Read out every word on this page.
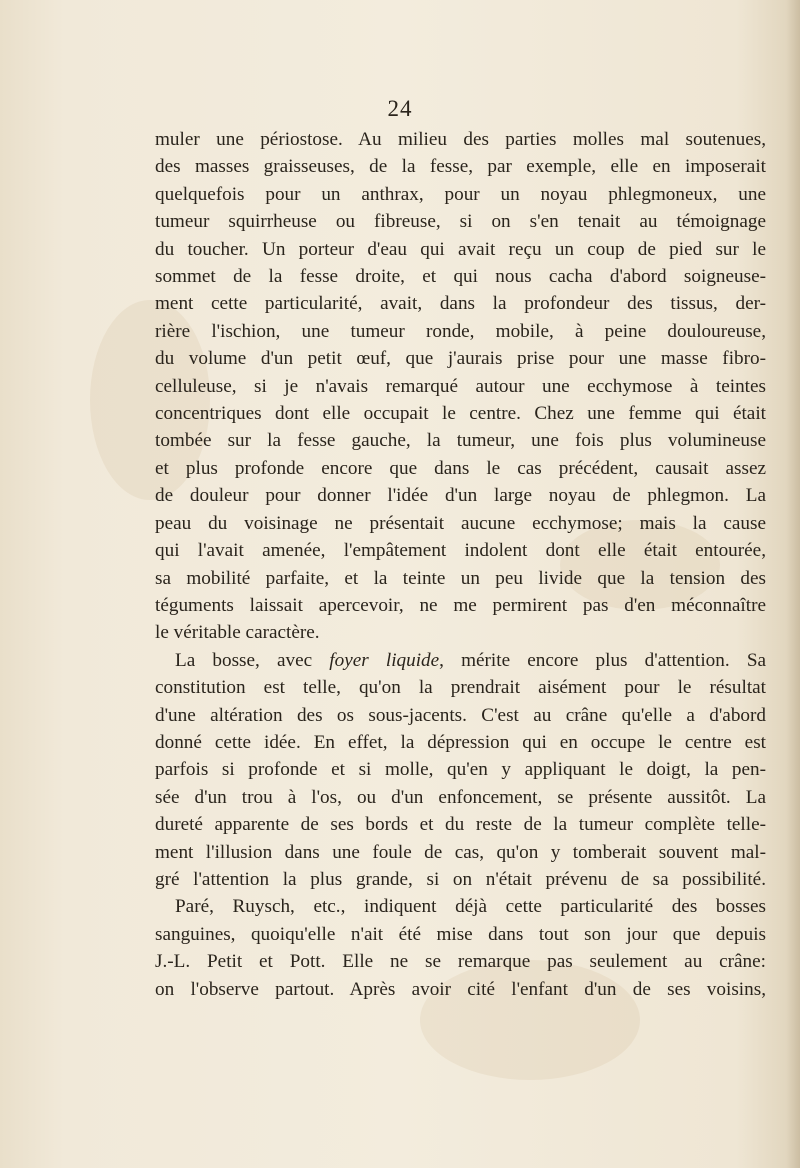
24
muler une périostose. Au milieu des parties molles mal soutenues,
des masses graisseuses, de la fesse, par exemple, elle en imposerait
quelquefois pour un anthrax, pour un noyau phlegmoneux, une
tumeur squirrheuse ou fibreuse, si on s'en tenait au témoignage
du toucher. Un porteur d'eau qui avait reçu un coup de pied sur le
sommet de la fesse droite, et qui nous cacha d'abord soigneuse-
ment cette particularité, avait, dans la profondeur des tissus, der-
rière l'ischion, une tumeur ronde, mobile, à peine douloureuse,
du volume d'un petit œuf, que j'aurais prise pour une masse fibro-
celluleuse, si je n'avais remarqué autour une ecchymose à teintes
concentriques dont elle occupait le centre. Chez une femme qui était
tombée sur la fesse gauche, la tumeur, une fois plus volumineuse
et plus profonde encore que dans le cas précédent, causait assez
de douleur pour donner l'idée d'un large noyau de phlegmon. La
peau du voisinage ne présentait aucune ecchymose; mais la cause
qui l'avait amenée, l'empâtement indolent dont elle était entourée,
sa mobilité parfaite, et la teinte un peu livide que la tension des
téguments laissait apercevoir, ne me permirent pas d'en méconnaître
le véritable caractère.
La bosse, avec foyer liquide, mérite encore plus d'attention. Sa
constitution est telle, qu'on la prendrait aisément pour le résultat
d'une altération des os sous-jacents. C'est au crâne qu'elle a d'abord
donné cette idée. En effet, la dépression qui en occupe le centre est
parfois si profonde et si molle, qu'en y appliquant le doigt, la pen-
sée d'un trou à l'os, ou d'un enfoncement, se présente aussitôt. La
dureté apparente de ses bords et du reste de la tumeur complète telle-
ment l'illusion dans une foule de cas, qu'on y tomberait souvent mal-
gré l'attention la plus grande, si on n'était prévenu de sa possibilité.
Paré, Ruysch, etc., indiquent déjà cette particularité des bosses
sanguines, quoiqu'elle n'ait été mise dans tout son jour que depuis
J.-L. Petit et Pott. Elle ne se remarque pas seulement au crâne:
on l'observe partout. Après avoir cité l'enfant d'un de ses voisins,
